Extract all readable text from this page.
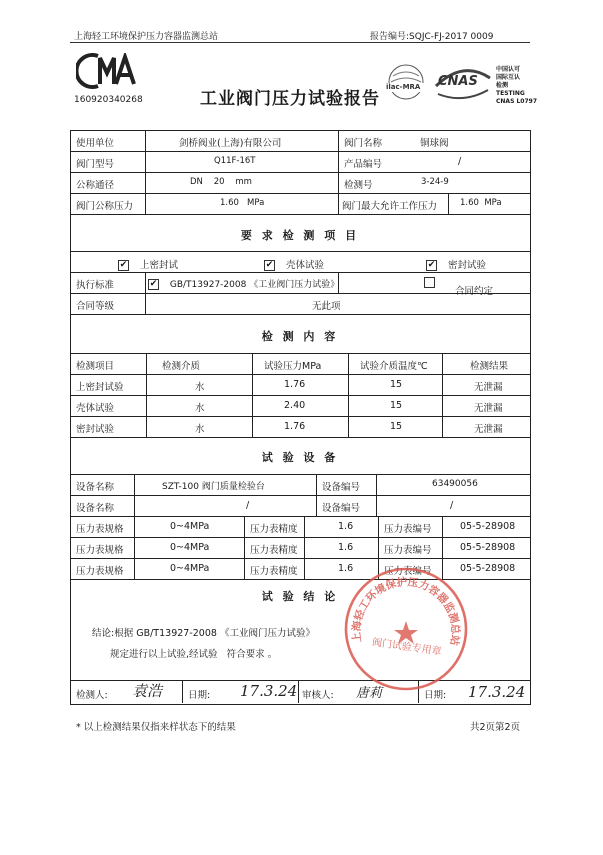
上海轻工环境保护压力容器监测总站	报告编号:SQJC-FJ-2017 0009
160920340268	工业阀门压力试验报告
ilac-MRA CNAS
中国认可
国际互认
检测
TESTING
CNAS L0797
使用单位	剑桥阀业(上海)有限公司	阀门名称	铜球阀
阀门型号	Q11F-16T	产品编号	/
公称通径	DN    20    mm	检测号	3-24-9
阀门公称压力	1.60   MPa	阀门最大允许工作压力	1.60  MPa
要 求 检 测 项 目
✔ 上密封试	✔ 壳体试验	✔ 密封试验
执行标准	✔ GB/T13927-2008 《工业阀门压力试验》
合同约定
合同等级	无此项
检 测 内 容
检测项目	检测介质	试验压力MPa	试验介质温度℃	检测结果
上密封试验	水	1.76	15	无泄漏
壳体试验	水	2.40	15	无泄漏
密封试验	水	1.76	15	无泄漏
试 验 设 备
设备名称	SZT-100 阀门质量检验台	设备编号	63490056
设备名称	/	设备编号	/
压力表规格	0~4MPa	压力表精度	1.6	压力表编号	05-5-28908
压力表规格	0~4MPa	压力表精度	1.6	压力表编号	05-5-28908
压力表规格	0~4MPa	压力表精度	1.6	压力表编号	05-5-28908
试 验 结 论
结论:根据 GB/T13927-2008 《工业阀门压力试验》
规定进行以上试验,经试验   符合要求 。
上海轻工环境保护压力容器监测总站
阀门试验专用章
检测人: 袁浩	日期: 17.3.24 审核人: 唐莉	日期: 17.3.24
* 以上检测结果仅指来样状态下的结果	共2页第2页
